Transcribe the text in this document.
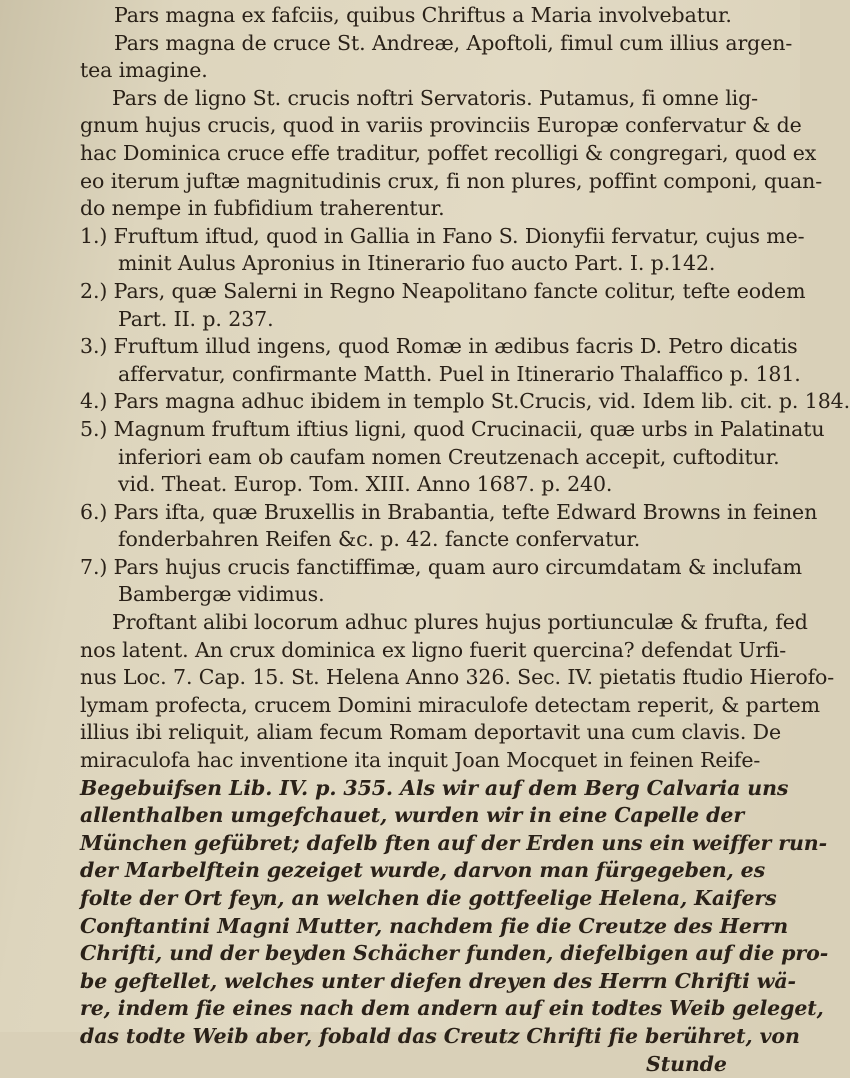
Pars magna ex fafciis, quibus Chriftus a Maria involvebatur.
Pars magna de cruce St. Andreæ, Apoftoli, fimul cum illius argen-
tea imagine.
Pars de ligno St. crucis noftri Servatoris. Putamus, fi omne lig-
gnum hujus crucis, quod in variis provinciis Europæ confervatur & de
hac Dominica cruce effe traditur, poffet recolligi & congregari, quod ex
eo iterum juftæ magnitudinis crux, fi non plures, poffint componi, quan-
do nempe in fubfidium traherentur.
1.) Fruftum iftud, quod in Gallia in Fano S. Dionyfii fervatur, cujus me-
minit Aulus Apronius in Itinerario fuo aucto Part. I. p.142.
2.) Pars, quæ Salerni in Regno Neapolitano fancte colitur, tefte eodem
Part. II. p. 237.
3.) Fruftum illud ingens, quod Romæ in ædibus facris D. Petro dicatis
affervatur, confirmante Matth. Puel in Itinerario Thalaffico p. 181.
4.) Pars magna adhuc ibidem in templo St.Crucis, vid. Idem lib. cit. p. 184.
5.) Magnum fruftum iftius ligni, quod Crucinacii, quæ urbs in Palatinatu
inferiori eam ob caufam nomen Creutzenach accepit, cuftoditur.
vid. Theat. Europ. Tom. XIII. Anno 1687. p. 240.
6.) Pars ifta, quæ Bruxellis in Brabantia, tefte Edward Browns in feinen
fonderbahren Reifen &c. p. 42. fancte confervatur.
7.) Pars hujus crucis fanctiffimæ, quam auro circumdatam & inclufam
Bambergæ vidimus.
Proftant alibi locorum adhuc plures hujus portiunculæ & frufta, fed
nos latent. An crux dominica ex ligno fuerit quercina? defendat Urfi-
nus Loc. 7. Cap. 15. St. Helena Anno 326. Sec. IV. pietatis ftudio Hierofo-
lymam profecta, crucem Domini miraculofe detectam reperit, & partem
illius ibi reliquit, aliam fecum Romam deportavit una cum clavis. De
miraculofa hac inventione ita inquit Joan Mocquet in feinen Reife-
Begebuifsen Lib. IV. p. 355. Als wir auf dem Berg Calvaria uns
allenthalben umgefchauet, wurden wir in eine Capelle der
München gefübret; dafelb ften auf der Erden uns ein weiffer run-
der Marbelftein gezeiget wurde, darvon man fürgegeben, es
folte der Ort feyn, an welchen die gottfeelige Helena, Kaifers
Conftantini Magni Mutter, nachdem fie die Creutze des Herrn
Chrifti, und der beyden Schächer funden, diefelbigen auf die pro-
be geftellet, welches unter diefen dreyen des Herrn Chrifti wä-
re, indem fie eines nach dem andern auf ein todtes Weib geleget,
das todte Weib aber, fobald das Creutz Chrifti fie berühret, von
Stunde
